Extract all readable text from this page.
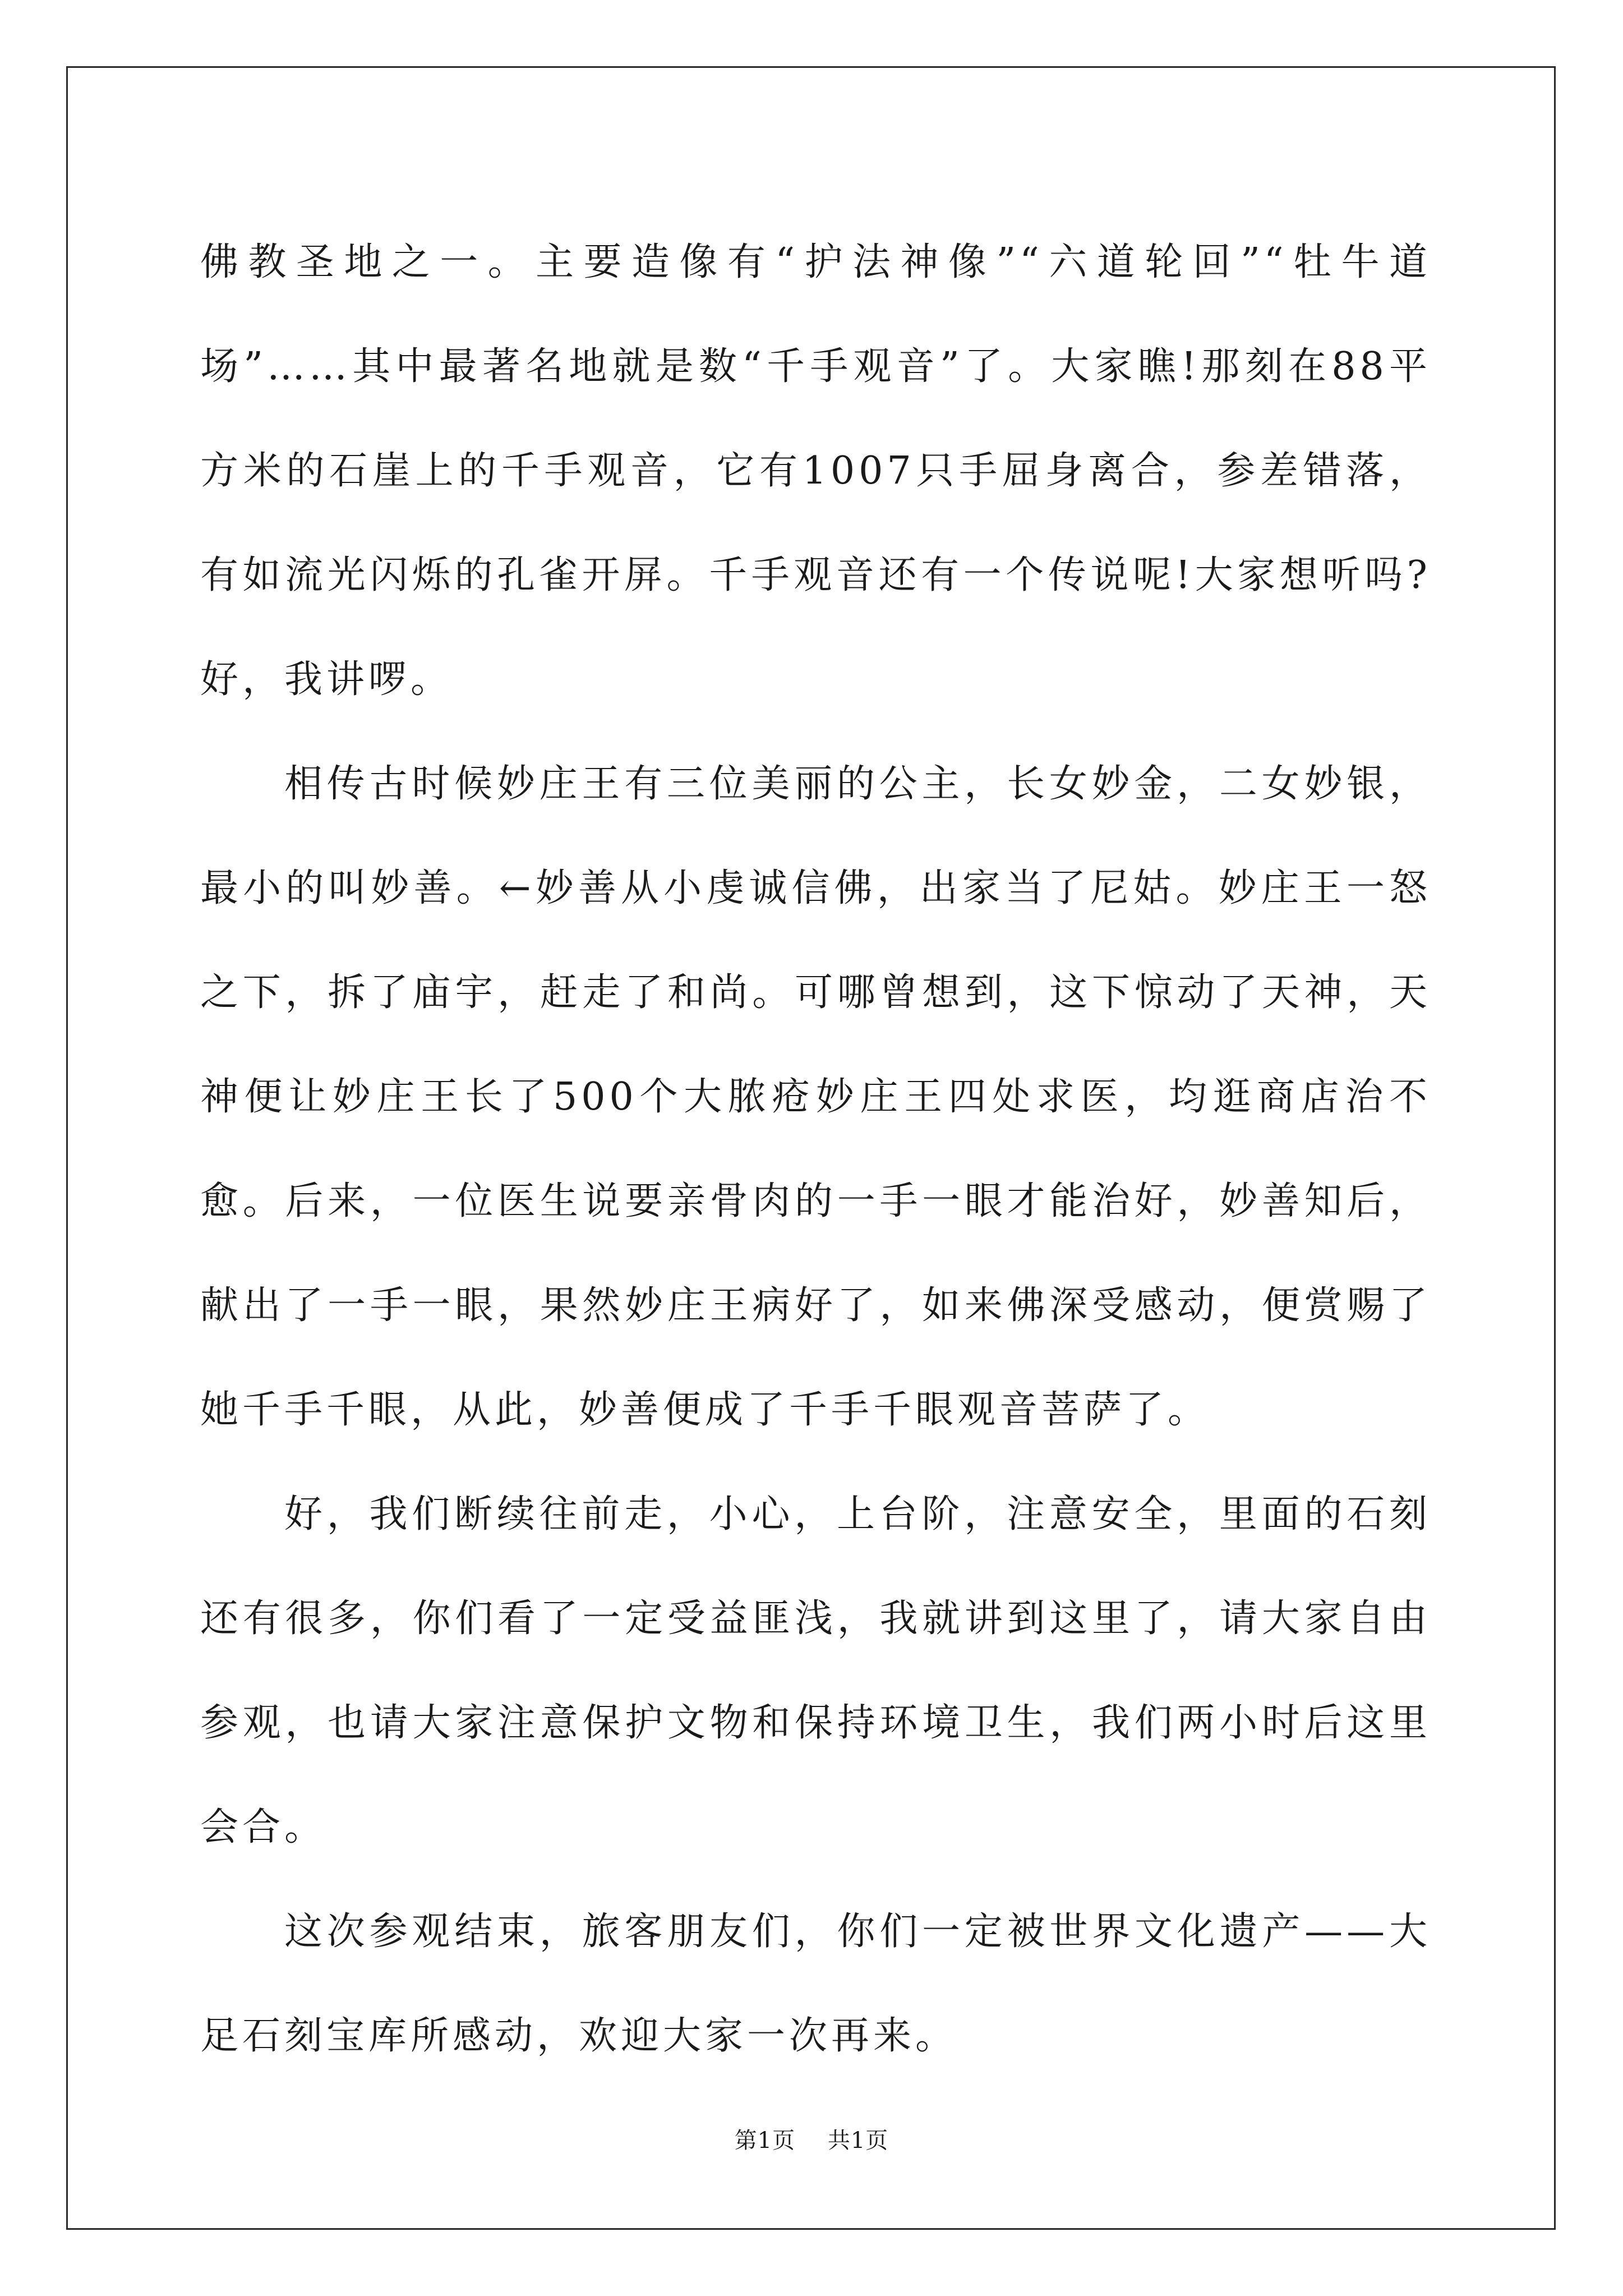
佛教圣地之一。主要造像有“护法神像”“六道轮回”“牡牛道场”……其中最著名地就是数“千手观音”了。大家瞧!那刻在88平方米的石崖上的千手观音，它有1007只手屈身离合，参差错落，有如流光闪烁的孔雀开屏。千手观音还有一个传说呢!大家想听吗?好，我讲啰。

相传古时候妙庄王有三位美丽的公主，长女妙金，二女妙银，最小的叫妙善。←妙善从小虔诚信佛，出家当了尼姑。妙庄王一怒之下，拆了庙宇，赶走了和尚。可哪曾想到，这下惊动了天神，天神便让妙庄王长了500个大脓疮妙庄王四处求医，均逛商店治不愈。后来，一位医生说要亲骨肉的一手一眼才能治好，妙善知后，献出了一手一眼，果然妙庄王病好了，如来佛深受感动，便赏赐了她千手千眼，从此，妙善便成了千手千眼观音菩萨了。

好，我们断续往前走，小心，上台阶，注意安全，里面的石刻还有很多，你们看了一定受益匪浅，我就讲到这里了，请大家自由参观，也请大家注意保护文物和保持环境卫生，我们两小时后这里会合。

这次参观结束，旅客朋友们，你们一定被世界文化遗产——大足石刻宝库所感动，欢迎大家一次再来。

第1页 共1页
